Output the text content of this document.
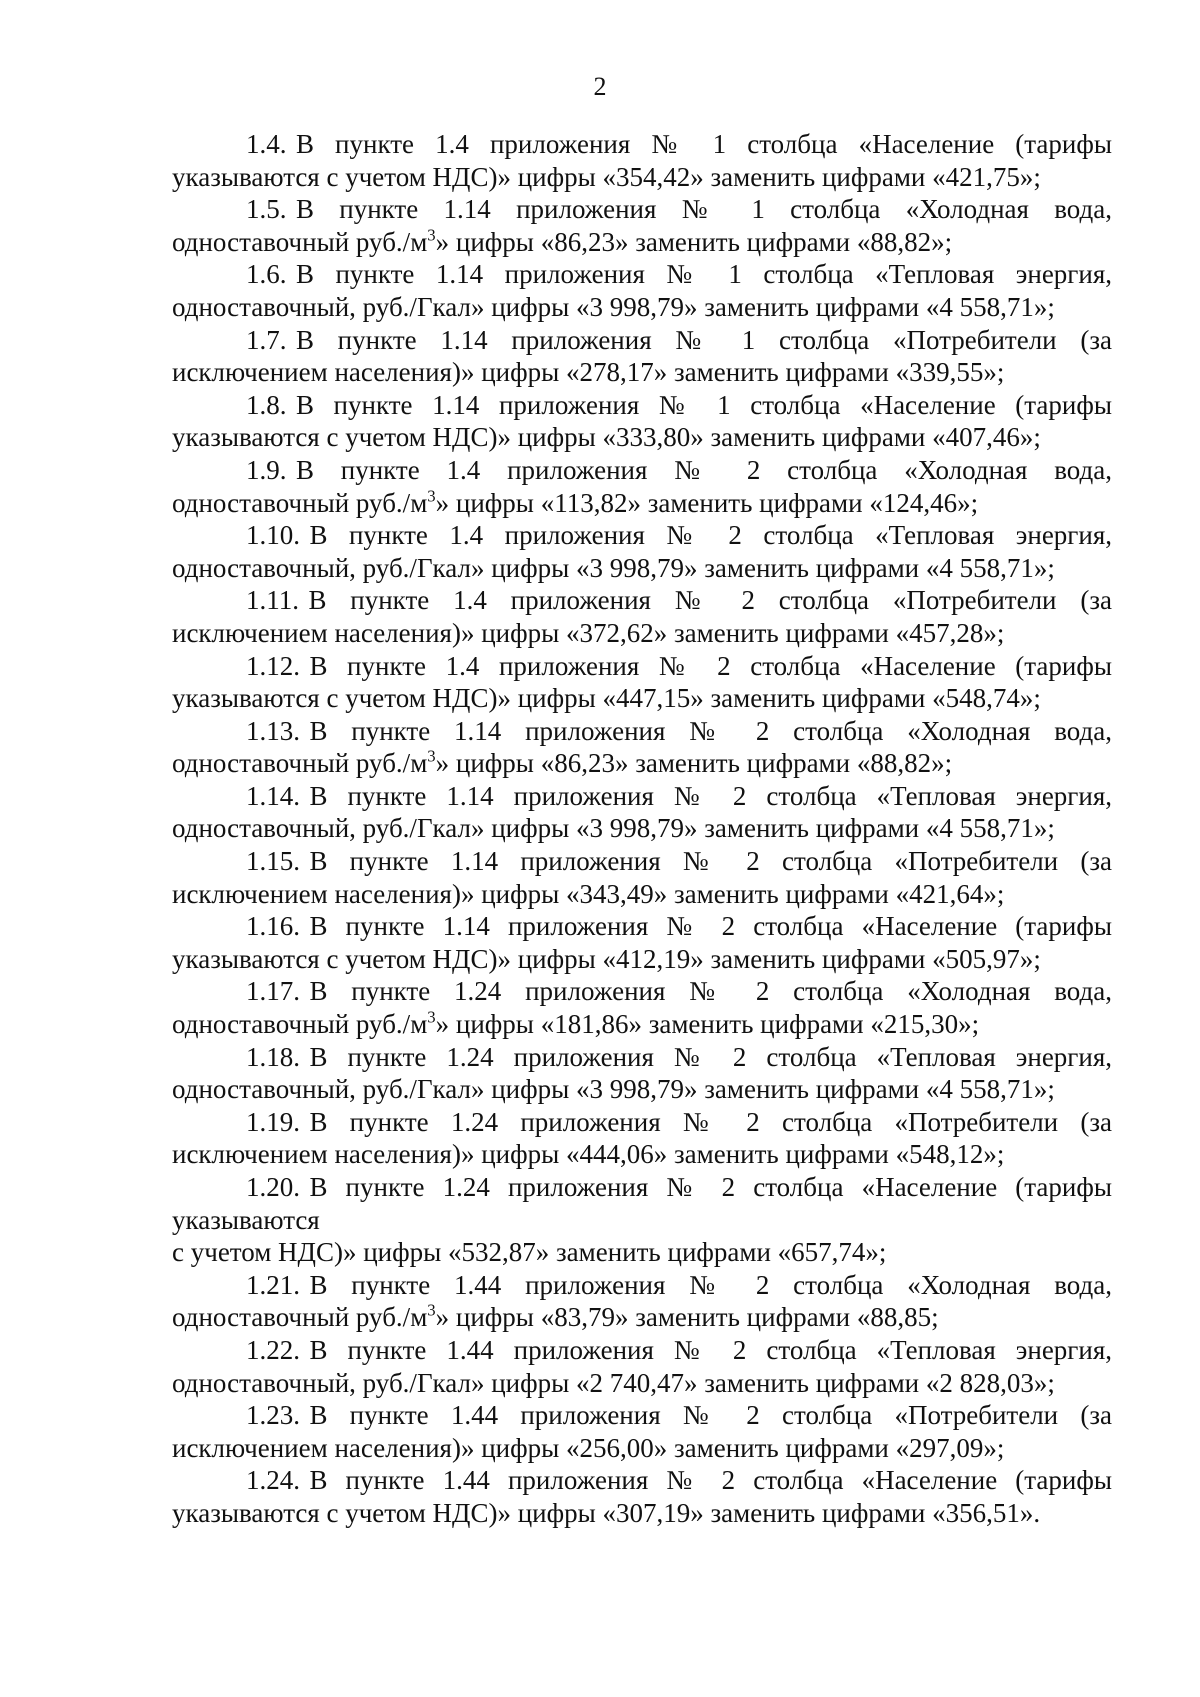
2

1.4. В пункте 1.4 приложения № 1 столбца «Население (тарифы указываются с учетом НДС)» цифры «354,42» заменить цифрами «421,75»;

1.5. В пункте 1.14 приложения № 1 столбца «Холодная вода, одноставочный $руб./м^3$» цифры «86,23» заменить цифрами «88,82»;

1.6. В пункте 1.14 приложения № 1 столбца «Тепловая энергия, одноставочный, руб./Гкал» цифры «3 998,79» заменить цифрами «4 558,71»;

1.7. В пункте 1.14 приложения № 1 столбца «Потребители (за исключением населения)» цифры «278,17» заменить цифрами «339,55»;

1.8. В пункте 1.14 приложения № 1 столбца «Население (тарифы указываются с учетом НДС)» цифры «333,80» заменить цифрами «407,46»;

1.9. В пункте 1.4 приложения № 2 столбца «Холодная вода, одноставочный $руб./м^3$» цифры «113,82» заменить цифрами «124,46»;

1.10. В пункте 1.4 приложения № 2 столбца «Тепловая энергия, одноставочный, руб./Гкал» цифры «3 998,79» заменить цифрами «4 558,71»;

1.11. В пункте 1.4 приложения № 2 столбца «Потребители (за исключением населения)» цифры «372,62» заменить цифрами «457,28»;

1.12. В пункте 1.4 приложения № 2 столбца «Население (тарифы указываются с учетом НДС)» цифры «447,15» заменить цифрами «548,74»;

1.13. В пункте 1.14 приложения № 2 столбца «Холодная вода, одноставочный $руб./м^3$» цифры «86,23» заменить цифрами «88,82»;

1.14. В пункте 1.14 приложения № 2 столбца «Тепловая энергия, одноставочный, руб./Гкал» цифры «3 998,79» заменить цифрами «4 558,71»;

1.15. В пункте 1.14 приложения № 2 столбца «Потребители (за исключением населения)» цифры «343,49» заменить цифрами «421,64»;

1.16. В пункте 1.14 приложения № 2 столбца «Население (тарифы указываются с учетом НДС)» цифры «412,19» заменить цифрами «505,97»;

1.17. В пункте 1.24 приложения № 2 столбца «Холодная вода, одноставочный $руб./м^3$» цифры «181,86» заменить цифрами «215,30»;

1.18. В пункте 1.24 приложения № 2 столбца «Тепловая энергия, одноставочный, руб./Гкал» цифры «3 998,79» заменить цифрами «4 558,71»;

1.19. В пункте 1.24 приложения № 2 столбца «Потребители (за исключением населения)» цифры «444,06» заменить цифрами «548,12»;

1.20. В пункте 1.24 приложения № 2 столбца «Население (тарифы указываются
с учетом НДС)» цифры «532,87» заменить цифрами «657,74»;

1.21. В пункте 1.44 приложения № 2 столбца «Холодная вода, одноставочный $руб./м^3$» цифры «83,79» заменить цифрами «88,85;

1.22. В пункте 1.44 приложения № 2 столбца «Тепловая энергия, одноставочный, руб./Гкал» цифры «2 740,47» заменить цифрами «2 828,03»;

1.23. В пункте 1.44 приложения № 2 столбца «Потребители (за исключением населения)» цифры «256,00» заменить цифрами «297,09»;

1.24. В пункте 1.44 приложения № 2 столбца «Население (тарифы указываются с учетом НДС)» цифры «307,19» заменить цифрами «356,51».
